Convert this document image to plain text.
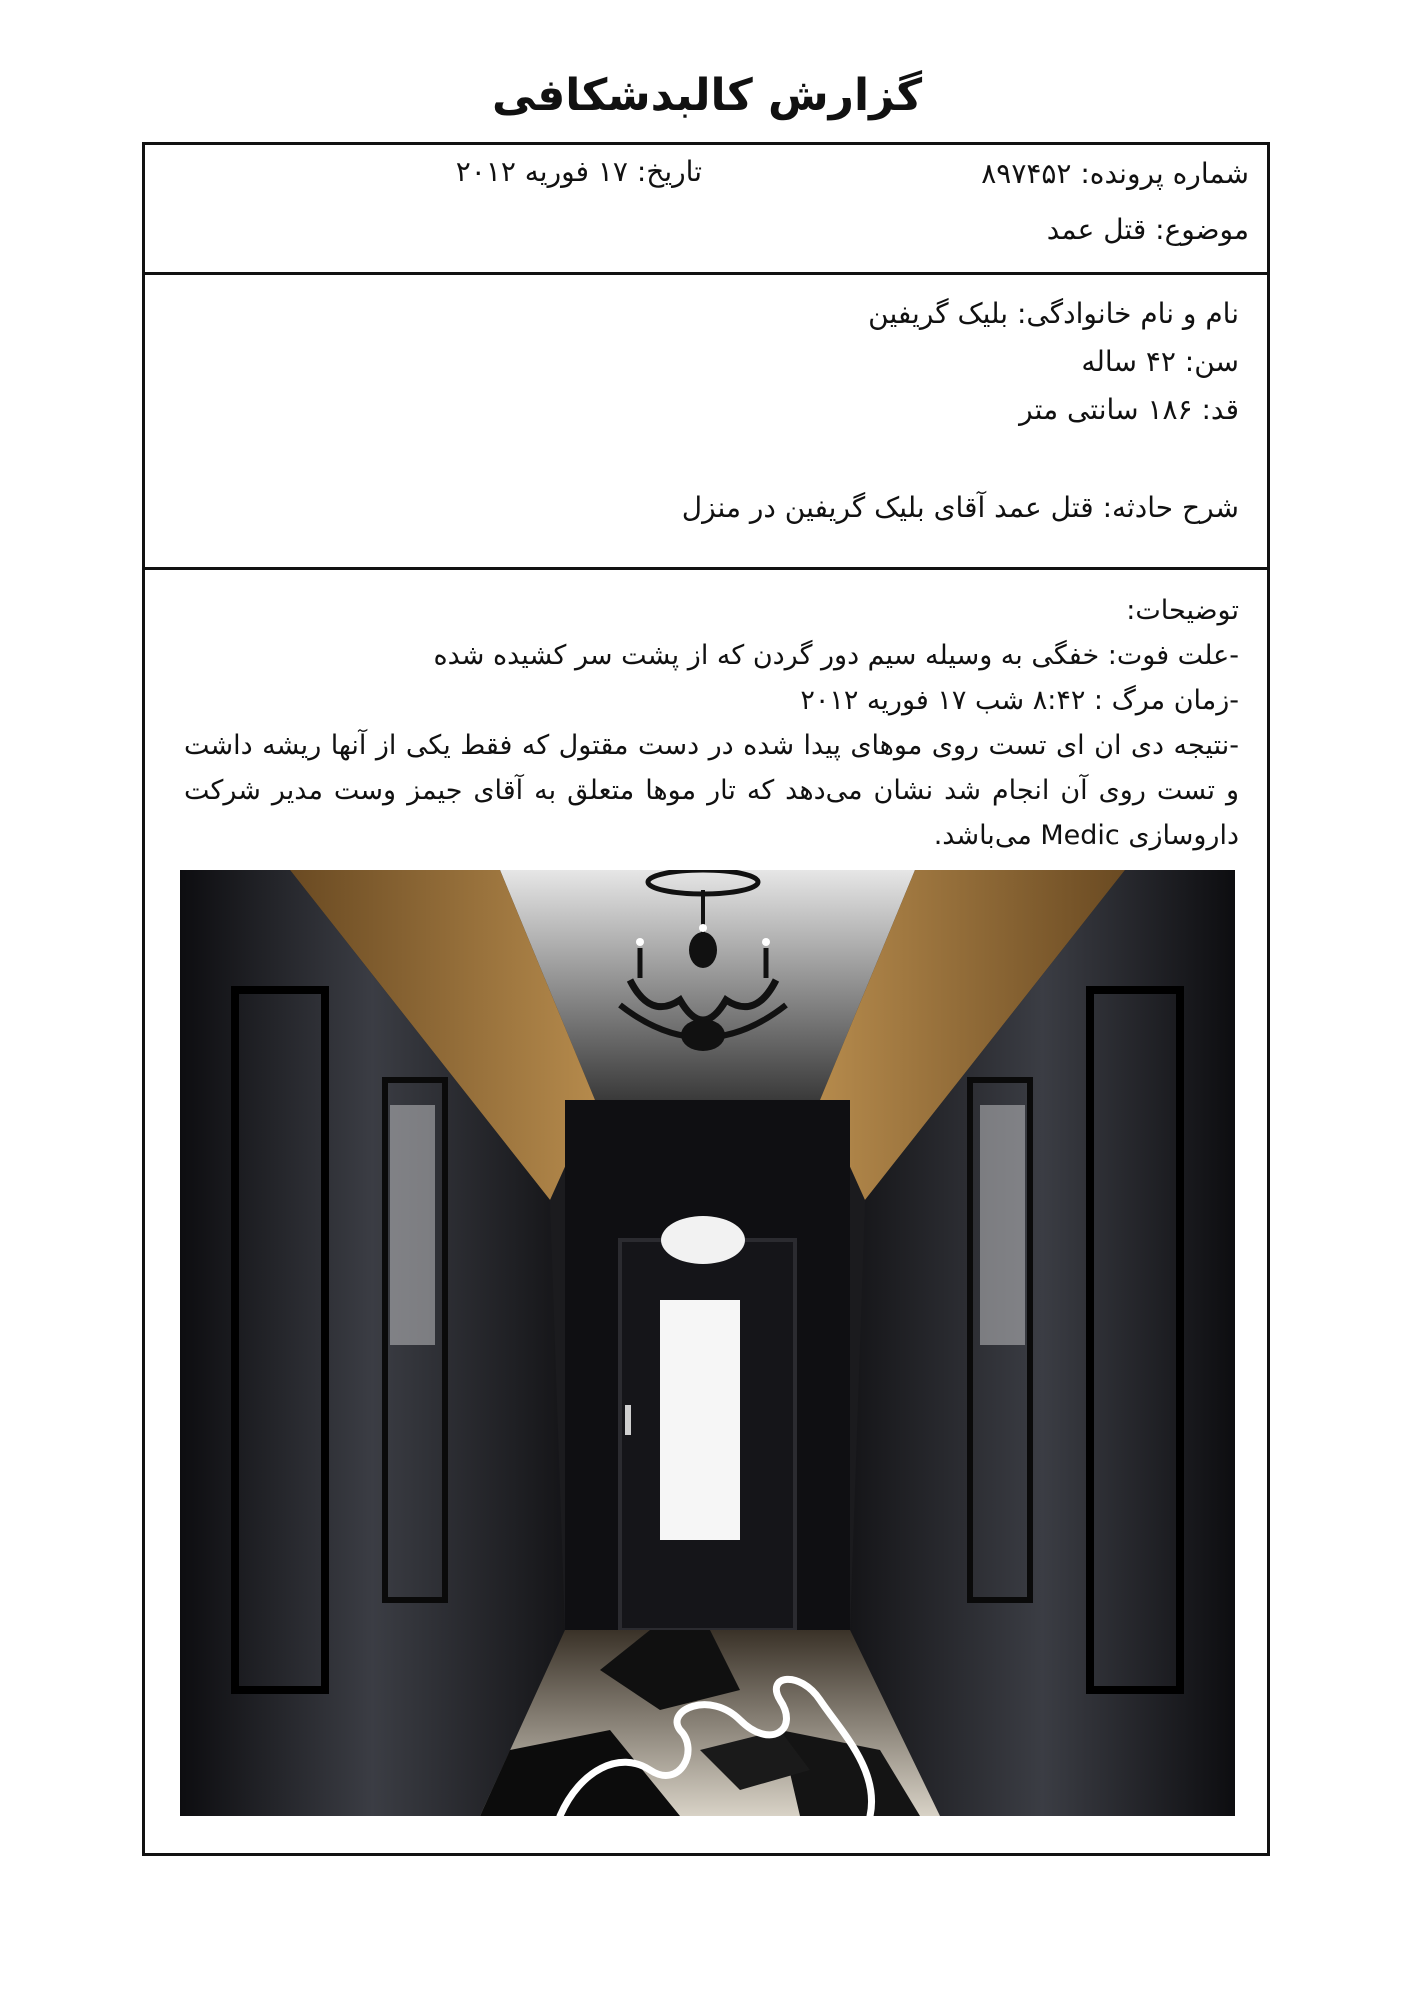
گزارش کالبدشکافی
شماره پرونده: ۸۹۷۴۵۲
تاریخ: ۱۷ فوریه ۲۰۱۲
موضوع: قتل عمد
نام و نام خانوادگی: بلیک گریفین
سن: ۴۲ ساله
قد: ۱۸۶ سانتی متر
شرح حادثه: قتل عمد آقای بلیک گریفین در منزل

توضیحات:

-علت فوت: خفگی به وسیله سیم دور گردن که از پشت سر کشیده شده

-زمان مرگ : ۸:۴۲ شب ۱۷ فوریه ۲۰۱۲

-نتیجه دی ان ای تست روی موهای پیدا شده در دست مقتول که فقط یکی از آنها ریشه داشت و تست روی آن انجام شد نشان می‌دهد که تار موها متعلق به آقای جیمز وست مدیر شرکت داروسازی Medic می‌باشد.
